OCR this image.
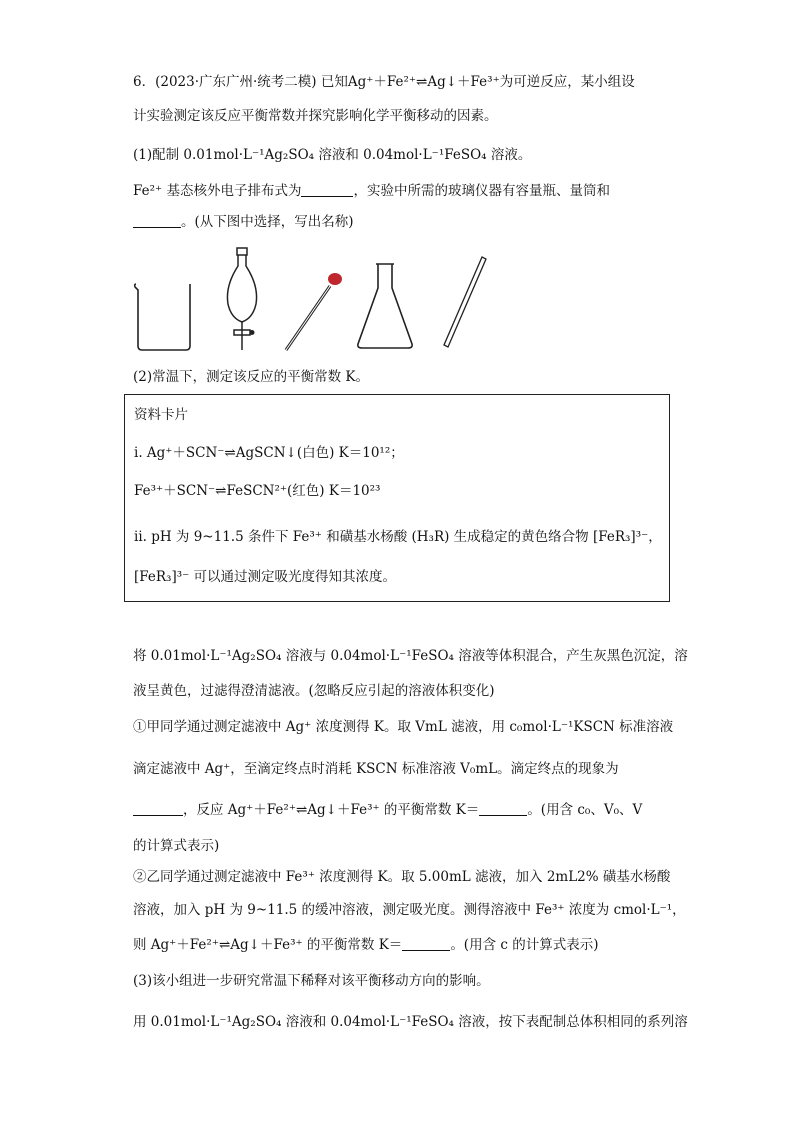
6．(2023·广东广州·统考二模) 已知Ag⁺＋Fe²⁺⇌Ag↓＋Fe³⁺为可逆反应，某小组设
计实验测定该反应平衡常数并探究影响化学平衡移动的因素。
(1)配制 0.01mol·L⁻¹Ag₂SO₄ 溶液和 0.04mol·L⁻¹FeSO₄ 溶液。
Fe²⁺ 基态核外电子排布式为	，实验中所需的玻璃仪器有容量瓶、量筒和
。(从下图中选择，写出名称)
(2)常温下，测定该反应的平衡常数 K。
资料卡片
ⅰ. Ag⁺＋SCN⁻⇌AgSCN↓(白色) K＝10¹²；
Fe³⁺＋SCN⁻⇌FeSCN²⁺(红色) K＝10²³
ⅱ. pH 为 9~11.5 条件下 Fe³⁺ 和磺基水杨酸 (H₃R) 生成稳定的黄色络合物 [FeR₃]³⁻，
[FeR₃]³⁻ 可以通过测定吸光度得知其浓度。
将 0.01mol·L⁻¹Ag₂SO₄ 溶液与 0.04mol·L⁻¹FeSO₄ 溶液等体积混合，产生灰黑色沉淀，溶
液呈黄色，过滤得澄清滤液。(忽略反应引起的溶液体积变化)
①甲同学通过测定滤液中 Ag⁺ 浓度测得 K。取 VmL 滤液，用 c₀mol·L⁻¹KSCN 标准溶液
滴定滤液中 Ag⁺，至滴定终点时消耗 KSCN 标准溶液 V₀mL。滴定终点的现象为
，反应 Ag⁺＋Fe²⁺⇌Ag↓＋Fe³⁺ 的平衡常数 K＝	。(用含 c₀、V₀、V
的计算式表示)
②乙同学通过测定滤液中 Fe³⁺ 浓度测得 K。取 5.00mL 滤液，加入 2mL2% 磺基水杨酸
溶液，加入 pH 为 9~11.5 的缓冲溶液，测定吸光度。测得溶液中 Fe³⁺ 浓度为 cmol·L⁻¹，
则 Ag⁺＋Fe²⁺⇌Ag↓＋Fe³⁺ 的平衡常数 K＝	。(用含 c 的计算式表示)
(3)该小组进一步研究常温下稀释对该平衡移动方向的影响。
用 0.01mol·L⁻¹Ag₂SO₄ 溶液和 0.04mol·L⁻¹FeSO₄ 溶液，按下表配制总体积相同的系列溶
